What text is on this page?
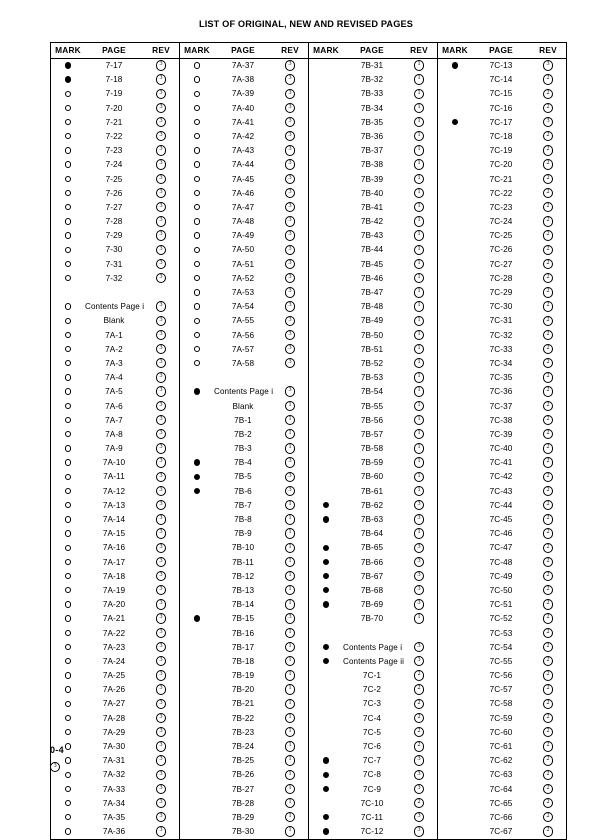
LIST OF ORIGINAL, NEW AND REVISED PAGES
MARK	PAGE	REV	MARK	PAGE	REV	MARK	PAGE	REV	MARK	PAGE	REV
	7-17	3		7A-37	3		7B-31	1		7C-13	3
	7-18	3		7A-38	3		7B-32	1		7C-14	2
	7-19	3		7A-39	3		7B-33	1		7C-15	2
	7-20	3		7A-40	3		7B-34	1		7C-16	2
	7-21	3		7A-41	3		7B-35	1		7C-17	3
	7-22	3		7A-42	3		7B-36	1		7C-18	2
	7-23	3		7A-43	3		7B-37	1		7C-19	2
	7-24	3		7A-44	3		7B-38	1		7C-20	2
	7-25	3		7A-45	3		7B-39	1		7C-21	2
	7-26	3		7A-46	3		7B-40	1		7C-22	2
	7-27	3		7A-47	3		7B-41	1		7C-23	2
	7-28	3		7A-48	3		7B-42	1		7C-24	2
	7-29	3		7A-49	3		7B-43	1		7C-25	2
	7-30	3		7A-50	3		7B-44	1		7C-26	2
	7-31	3		7A-51	3		7B-45	1		7C-27	2
	7-32	3		7A-52	3		7B-46	1		7C-28	2
				7A-53	3		7B-47	1		7C-29	2
	Contents Page i	3		7A-54	3		7B-48	1		7C-30	2
	Blank	3		7A-55	3		7B-49	1		7C-31	2
	7A-1	3		7A-56	3		7B-50	1		7C-32	2
	7A-2	3		7A-57	3		7B-51	1		7C-33	2
	7A-3	3		7A-58	3		7B-52	1		7C-34	2
	7A-4	3					7B-53	1		7C-35	2
	7A-5	3		Contents Page i	3		7B-54	1		7C-36	2
	7A-6	3		Blank	1		7B-55	1		7C-37	2
	7A-7	3		7B-1	1		7B-56	1		7C-38	2
	7A-8	3		7B-2	1		7B-57	1		7C-39	2
	7A-9	3		7B-3	1		7B-58	1		7C-40	2
	7A-10	3		7B-4	3		7B-59	1		7C-41	2
	7A-11	3		7B-5	3		7B-60	1		7C-42	2
	7A-12	3		7B-6	3		7B-61	1		7C-43	2
	7A-13	3		7B-7	1		7B-62	3		7C-44	2
	7A-14	3		7B-8	1		7B-63	3		7C-45	2
	7A-15	3		7B-9	1		7B-64	1		7C-46	2
	7A-16	3		7B-10	1		7B-65	3		7C-47	2
	7A-17	3		7B-11	1		7B-66	3		7C-48	2
	7A-18	3		7B-12	1		7B-67	3		7C-49	2
	7A-19	3		7B-13	1		7B-68	3		7C-50	2
	7A-20	3		7B-14	1		7B-69	3		7C-51	2
	7A-21	3		7B-15	3		7B-70	1		7C-52	2
	7A-22	3		7B-16	1					7C-53	2
	7A-23	3		7B-17	1		Contents Page i	3		7C-54	2
	7A-24	3		7B-18	1		Contents Page ii	3		7C-55	2
	7A-25	3		7B-19	1		7C-1	2		7C-56	2
	7A-26	3		7B-20	1		7C-2	2		7C-57	2
	7A-27	3		7B-21	1		7C-3	2		7C-58	2
	7A-28	3		7B-22	1		7C-4	2		7C-59	2
	7A-29	3		7B-23	1		7C-5	2		7C-60	2
	7A-30	3		7B-24	1		7C-6	2		7C-61	2
	7A-31	3		7B-25	1		7C-7	3		7C-62	2
	7A-32	3		7B-26	1		7C-8	3		7C-63	2
	7A-33	3		7B-27	1		7C-9	3		7C-64	2
	7A-34	3		7B-28	1		7C-10	2		7C-65	2
	7A-35	3		7B-29	1		7C-11	3		7C-66	2
	7A-36	3		7B-30	1		7C-12	3		7C-67	2
0-4
3
